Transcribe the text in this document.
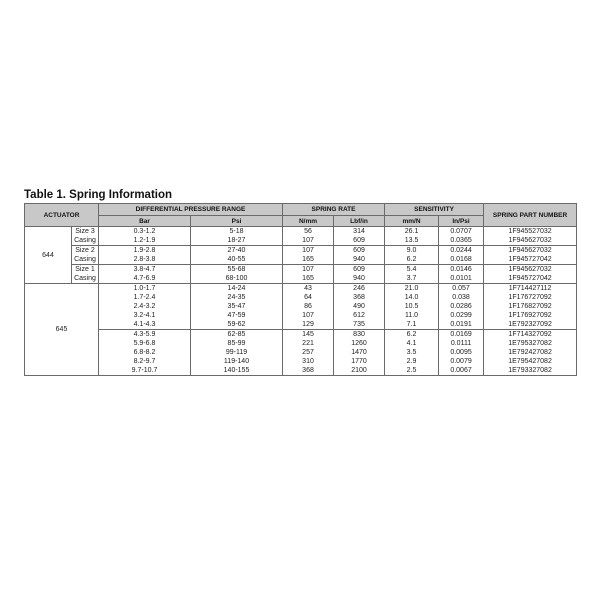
Table 1. Spring Information
ACTUATOR		DIFFERENTIAL PRESSURE RANGE		SPRING RATE		SENSITIVITY		SPRING PART NUMBER
		Bar	Psi	N/mm	Lbf/in	mm/N	In/Psi	
644	Size 3	0.3-1.2	5-18	56	314	26.1	0.0707	1F945527032
	Casing	1.2-1.9	18-27	107	609	13.5	0.0365	1F945627032
	Size 2	1.9-2.8	27-40	107	609	9.0	0.0244	1F945627032
	Casing	2.8-3.8	40-55	165	940	6.2	0.0168	1F945727042
	Size 1	3.8-4.7	55-68	107	609	5.4	0.0146	1F945627032
	Casing	4.7-6.9	68-100	165	940	3.7	0.0101	1F945727042
645		1.0-1.7	14-24	43	246	21.0	0.057	1F714427112
		1.7-2.4	24-35	64	368	14.0	0.038	1F176727092
		2.4-3.2	35-47	86	490	10.5	0.0286	1F176827092
		3.2-4.1	47-59	107	612	11.0	0.0299	1F176927092
		4.1-4.3	59-62	129	735	7.1	0.0191	1E792327092
		4.3-5.9	62-85	145	830	6.2	0.0169	1F714327092
		5.9-6.8	85-99	221	1260	4.1	0.0111	1E795327082
		6.8-8.2	99-119	257	1470	3.5	0.0095	1E792427082
		8.2-9.7	119-140	310	1770	2.9	0.0079	1E795427082
		9.7-10.7	140-155	368	2100	2.5	0.0067	1E793327082
